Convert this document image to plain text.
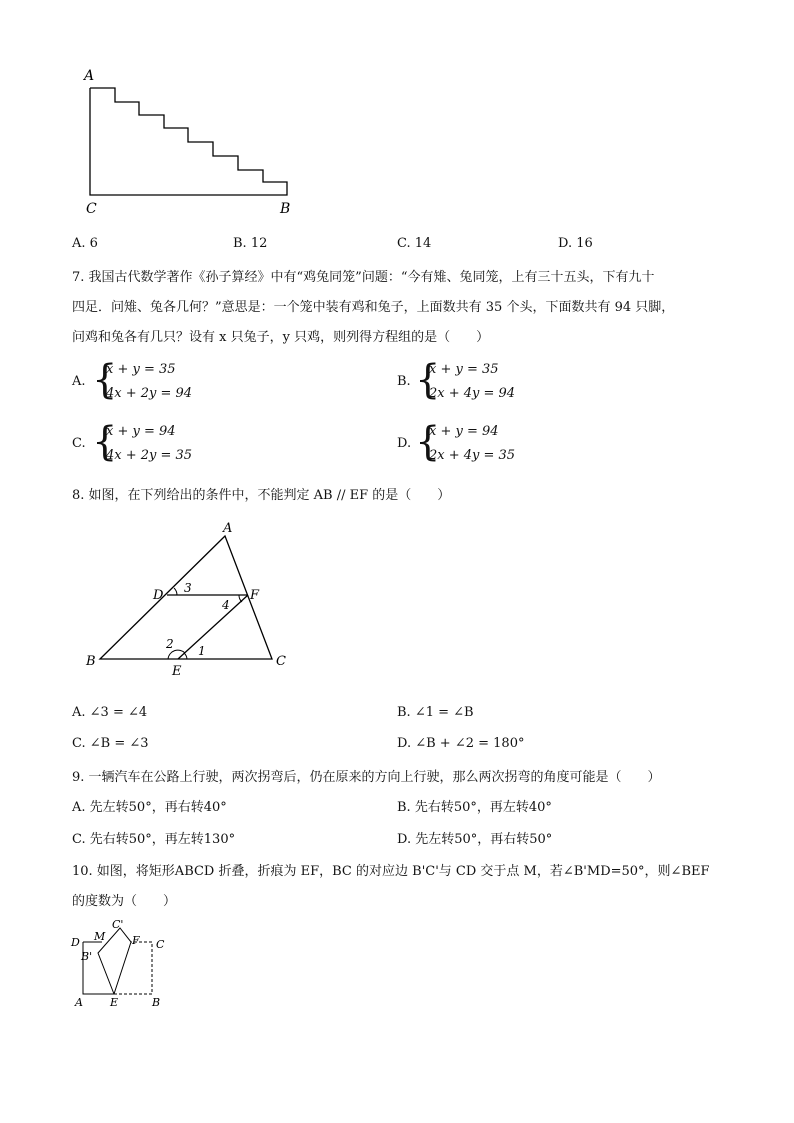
A
C	B
A. 6	B. 12	C. 14	D. 16
7. 我国古代数学著作《孙子算经》中有“鸡兔同笼”问题：“今有雉、兔同笼，上有三十五头，下有九十
四足．问雉、兔各几何？”意思是：一个笼中装有鸡和兔子，上面数共有 35 个头，下面数共有 94 只脚，
问鸡和兔各有几只？设有 x 只兔子，y 只鸡，则列得方程组的是（　　）
A. {
x + y = 35
4x + 2y = 94
B. {
x + y = 35
2x + 4y = 94
C. {
x + y = 94
4x + 2y = 35
D. {
x + y = 94
2x + 4y = 35
8. 如图，在下列给出的条件中，不能判定 AB // EF 的是（　　）
A
D	F
B	C
E
3
4
2 1
A. ∠3 = ∠4	B. ∠1 = ∠B
C. ∠B = ∠3	D. ∠B + ∠2 = 180°
9. 一辆汽车在公路上行驶，两次拐弯后，仍在原来的方向上行驶，那么两次拐弯的角度可能是（　　）
A. 先左转50°，再右转40°	B. 先右转50°，再左转40°
C. 先右转50°，再左转130°	D. 先左转50°，再右转50°
10. 如图，将矩形ABCD 折叠，折痕为 EF，BC 的对应边 B'C'与 CD 交于点 M，若∠B'MD=50°，则∠BEF
的度数为（　　）
D M
C'
F C
B'
A E	B
